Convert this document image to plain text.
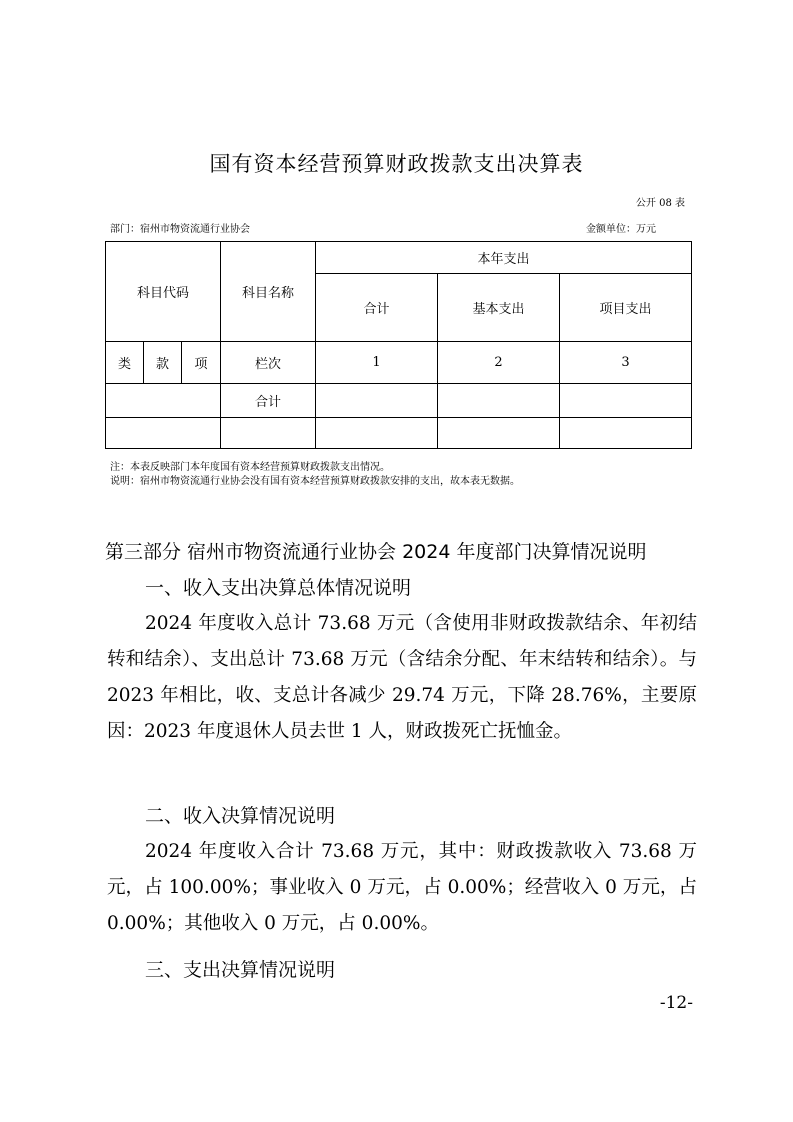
国有资本经营预算财政拨款支出决算表
公开 08 表
部门：宿州市物资流通行业协会	金额单位：万元
科目代码			科目名称	本年支出		
				合计	基本支出	项目支出
类	款	项	栏次	1	2	3
			合计			

注：本表反映部门本年度国有资本经营预算财政拨款支出情况。
说明：宿州市物资流通行业协会没有国有资本经营预算财政拨款安排的支出，故本表无数据。
第三部分 宿州市物资流通行业协会 2024 年度部门决算情况说明
一、收入支出决算总体情况说明
2024 年度收入总计 73.68 万元（含使用非财政拨款结余、年初结转和结余）、支出总计 73.68 万元（含结余分配、年末结转和结余）。与 2023 年相比，收、支总计各减少 29.74 万元，下降 28.76%，主要原因：2023 年度退休人员去世 1 人，财政拨死亡抚恤金。
二、收入决算情况说明
2024 年度收入合计 73.68 万元，其中：财政拨款收入 73.68 万元，占 100.00%；事业收入 0 万元，占 0.00%；经营收入 0 万元，占 0.00%；其他收入 0 万元，占 0.00%。
三、支出决算情况说明
-12-
